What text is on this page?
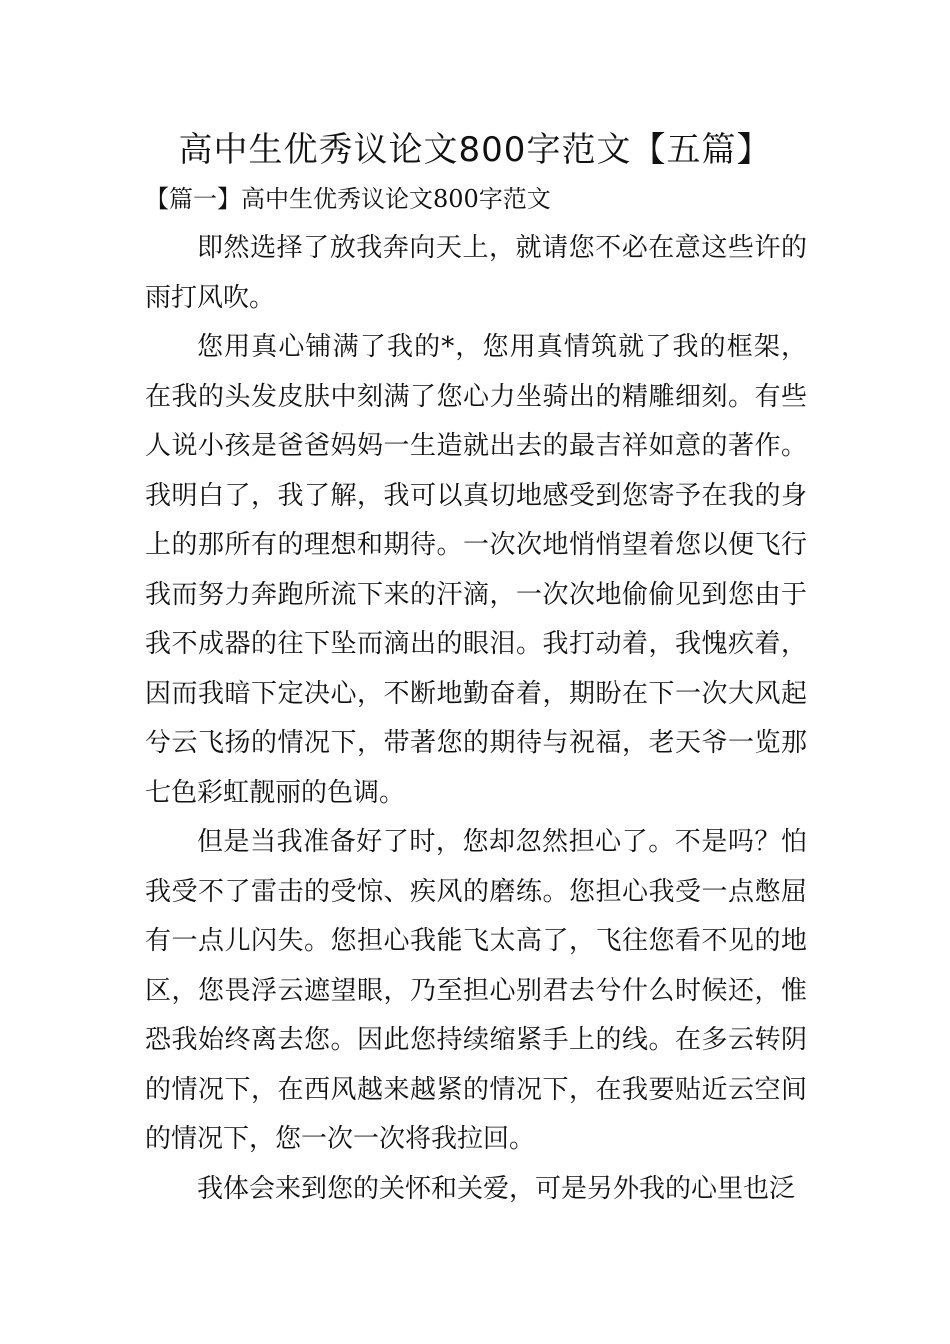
高中生优秀议论文800字范文【五篇】
【篇一】高中生优秀议论文800字范文

即然选择了放我奔向天上，就请您不必在意这些许的雨打风吹。

您用真心铺满了我的*，您用真情筑就了我的框架，在我的头发皮肤中刻满了您心力坐骑出的精雕细刻。有些人说小孩是爸爸妈妈一生造就出去的最吉祥如意的著作。我明白了，我了解，我可以真切地感受到您寄予在我的身上的那所有的理想和期待。一次次地悄悄望着您以便飞行我而努力奔跑所流下来的汗滴，一次次地偷偷见到您由于我不成器的往下坠而滴出的眼泪。我打动着，我愧疚着，因而我暗下定决心，不断地勤奋着，期盼在下一次大风起兮云飞扬的情况下，带著您的期待与祝福，老天爷一览那七色彩虹靓丽的色调。

但是当我准备好了时，您却忽然担心了。不是吗？怕我受不了雷击的受惊、疾风的磨练。您担心我受一点憋屈有一点儿闪失。您担心我能飞太高了，飞往您看不见的地区，您畏浮云遮望眼，乃至担心别君去兮什么时候还，惟恐我始终离去您。因此您持续缩紧手上的线。在多云转阴的情况下，在西风越来越紧的情况下，在我要贴近云空间的情况下，您一次一次将我拉回。

我体会来到您的关怀和关爱，可是另外我的心里也泛
